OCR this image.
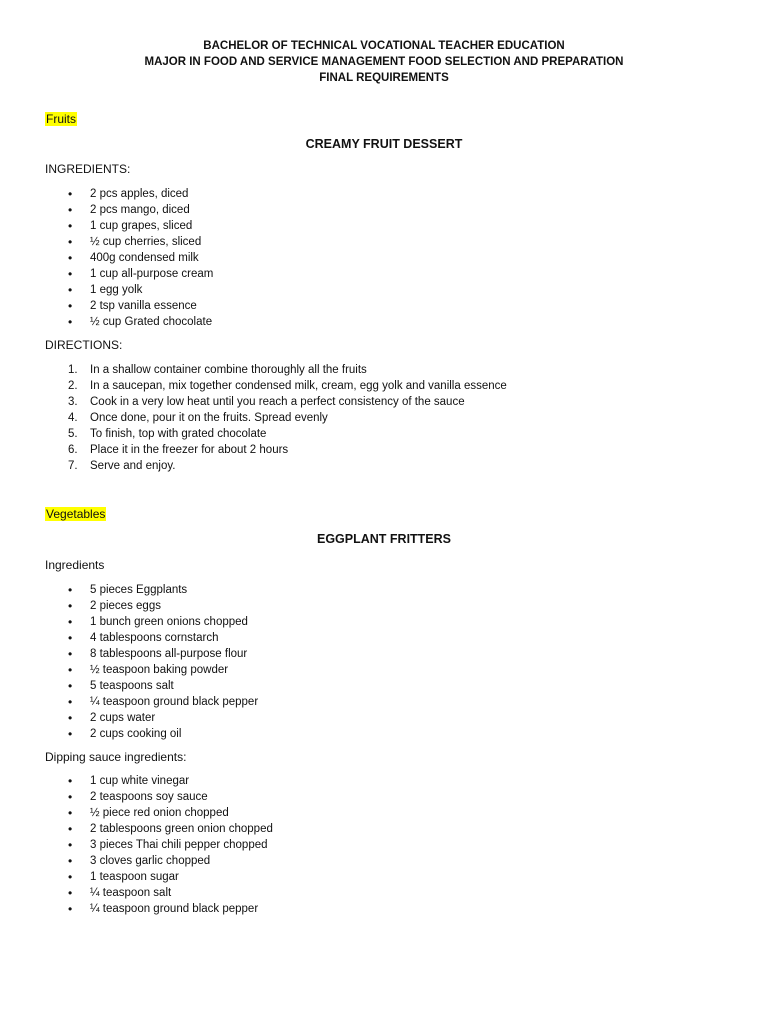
BACHELOR OF TECHNICAL VOCATIONAL TEACHER EDUCATION
MAJOR IN FOOD AND SERVICE MANAGEMENT FOOD SELECTION AND PREPARATION
FINAL REQUIREMENTS
Fruits
CREAMY FRUIT DESSERT
INGREDIENTS:
• 2 pcs apples, diced
• 2 pcs mango, diced
• 1 cup grapes, sliced
• ½ cup cherries, sliced
• 400g condensed milk
• 1 cup all-purpose cream
• 1 egg yolk
• 2 tsp vanilla essence
• ½ cup Grated chocolate
DIRECTIONS:
1. In a shallow container combine thoroughly all the fruits
2. In a saucepan, mix together condensed milk, cream, egg yolk and vanilla essence
3. Cook in a very low heat until you reach a perfect consistency of the sauce
4. Once done, pour it on the fruits. Spread evenly
5. To finish, top with grated chocolate
6. Place it in the freezer for about 2 hours
7. Serve and enjoy.
Vegetables
EGGPLANT FRITTERS
Ingredients
• 5 pieces Eggplants
• 2 pieces eggs
• 1 bunch green onions chopped
• 4 tablespoons cornstarch
• 8 tablespoons all-purpose flour
• ½ teaspoon baking powder
• 5 teaspoons salt
• ¼ teaspoon ground black pepper
• 2 cups water
• 2 cups cooking oil
Dipping sauce ingredients:
• 1 cup white vinegar
• 2 teaspoons soy sauce
• ½ piece red onion chopped
• 2 tablespoons green onion chopped
• 3 pieces Thai chili pepper chopped
• 3 cloves garlic chopped
• 1 teaspoon sugar
• ¼ teaspoon salt
• ¼ teaspoon ground black pepper
